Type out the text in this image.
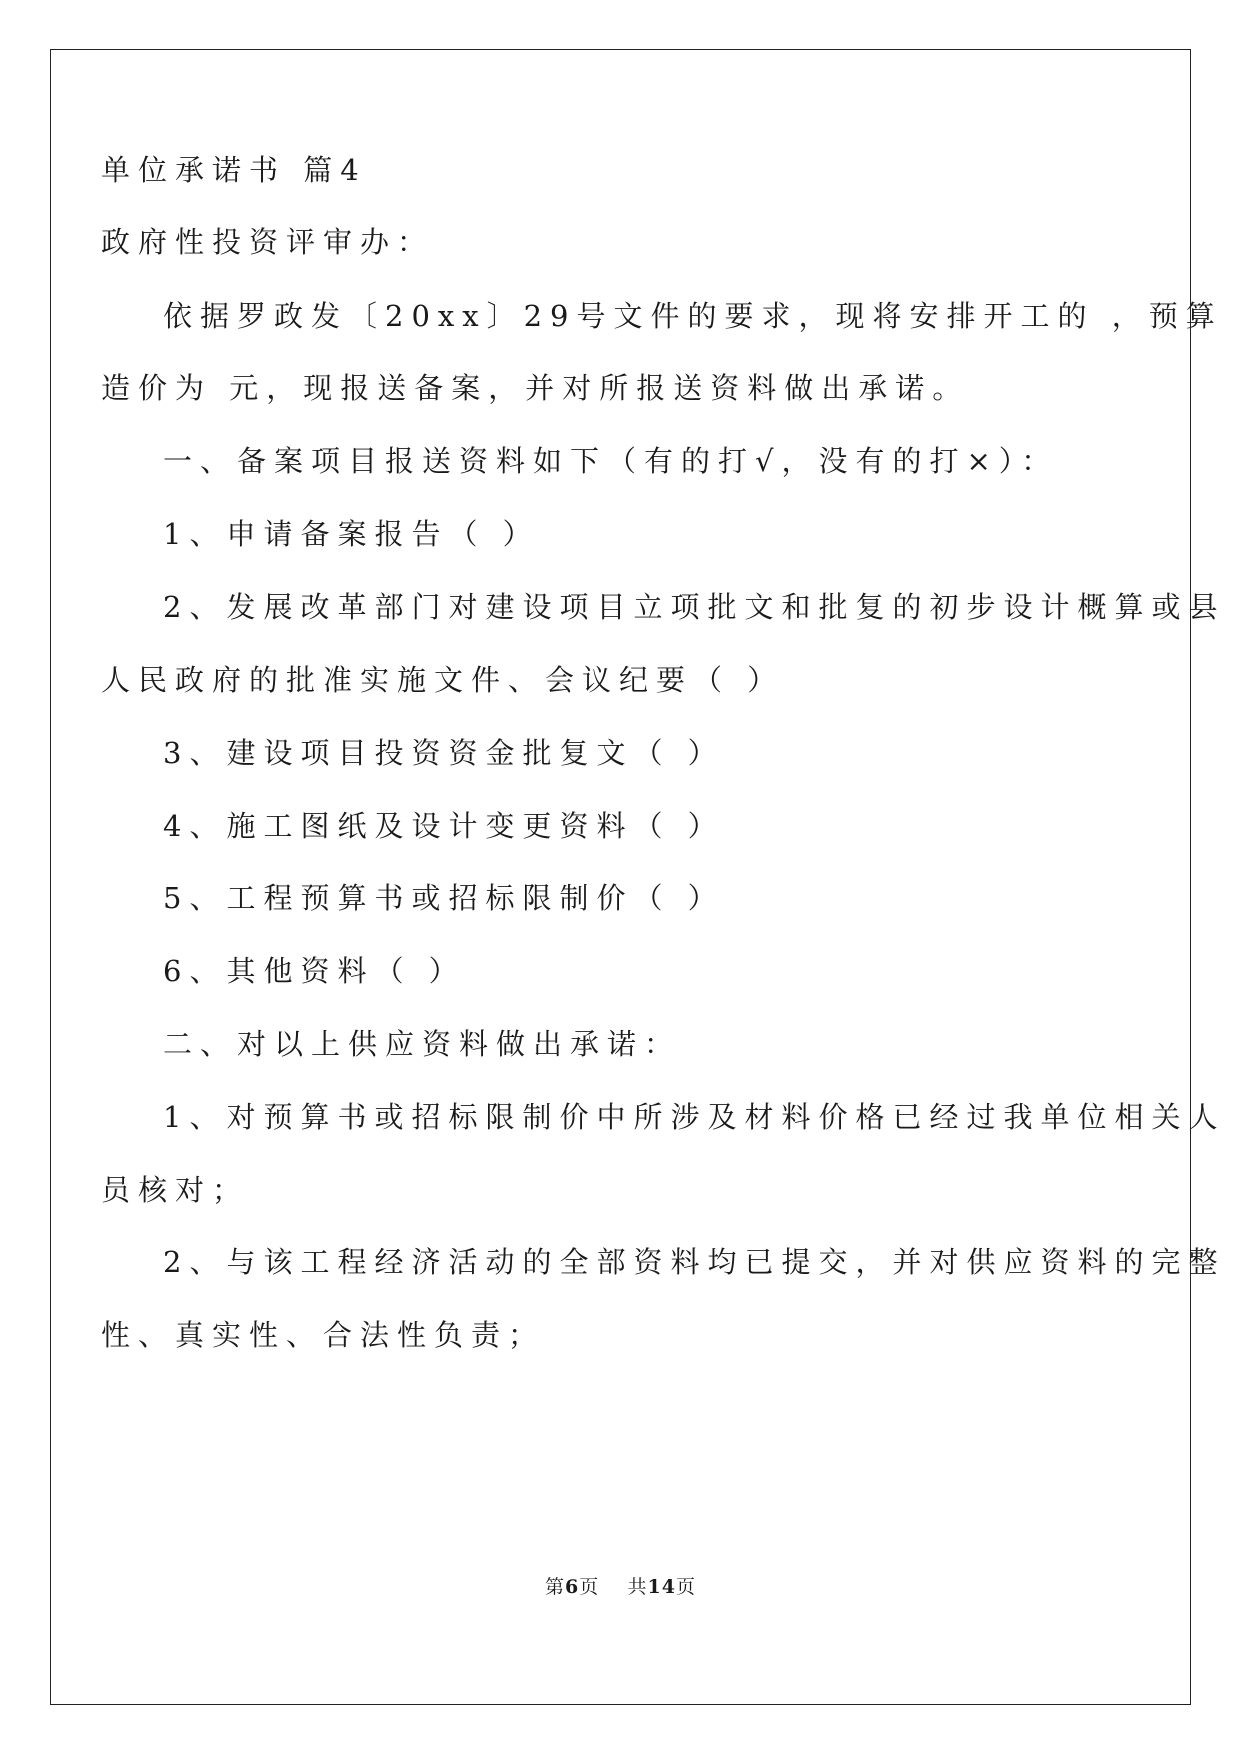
单位承诺书 篇4
政府性投资评审办：
依据罗政发〔20xx〕29号文件的要求，现将安排开工的 ，预算
造价为 元，现报送备案，并对所报送资料做出承诺。
一、备案项目报送资料如下（有的打√，没有的打×）：
1、申请备案报告（ ）
2、发展改革部门对建设项目立项批文和批复的初步设计概算或县
人民政府的批准实施文件、会议纪要（ ）
3、建设项目投资资金批复文（ ）
4、施工图纸及设计变更资料（ ）
5、工程预算书或招标限制价（ ）
6、其他资料（ ）
二、对以上供应资料做出承诺：
1、对预算书或招标限制价中所涉及材料价格已经过我单位相关人
员核对；
2、与该工程经济活动的全部资料均已提交，并对供应资料的完整
性、真实性、合法性负责；
第6页 共14页
